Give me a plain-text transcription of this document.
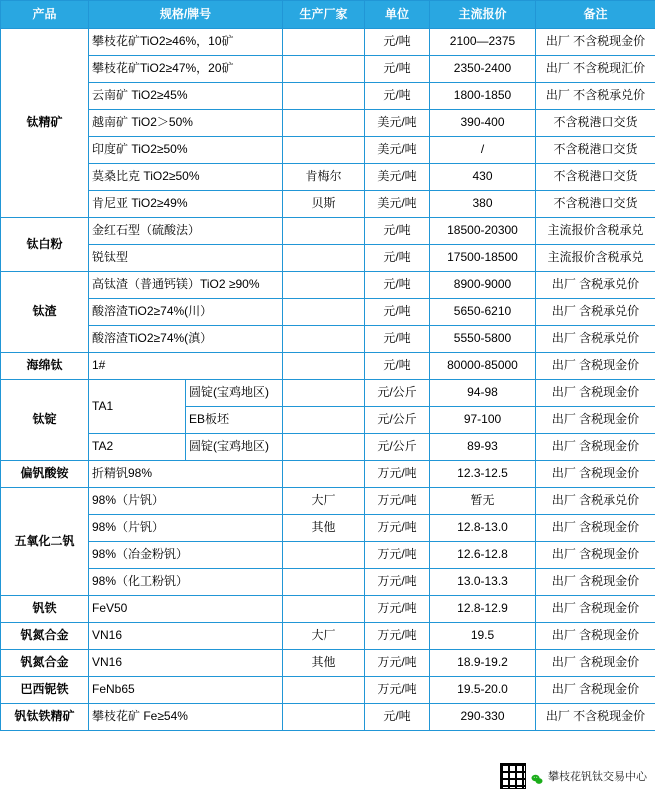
产品	规格/牌号		生产厂家	单位	主流报价	备注
钛精矿	攀枝花矿TiO2≥46%，10矿			元/吨	2100—2375	出厂 不含税现金价
	攀枝花矿TiO2≥47%，20矿			元/吨	2350-2400	出厂 不含税现汇价
	云南矿 TiO2≥45%			元/吨	1800-1850	出厂 不含税承兑价
	越南矿 TiO2＞50%			美元/吨	390-400	不含税港口交货
	印度矿 TiO2≥50%			美元/吨	/	不含税港口交货
	莫桑比克 TiO2≥50%		肯梅尔	美元/吨	430	不含税港口交货
	肯尼亚 TiO2≥49%		贝斯	美元/吨	380	不含税港口交货
钛白粉	金红石型（硫酸法）			元/吨	18500-20300	主流报价含税承兑
	锐钛型			元/吨	17500-18500	主流报价含税承兑
钛渣	高钛渣（普通钙镁）TiO2 ≥90%			元/吨	8900-9000	出厂 含税承兑价
	酸溶渣TiO2≥74%(川）			元/吨	5650-6210	出厂 含税承兑价
	酸溶渣TiO2≥74%(滇）			元/吨	5550-5800	出厂 含税承兑价
海绵钛	1#			元/吨	80000-85000	出厂 含税现金价
钛锭	TA1	圆锭(宝鸡地区)		元/公斤	94-98	出厂 含税现金价
		EB板坯		元/公斤	97-100	出厂 含税现金价
	TA2	圆锭(宝鸡地区)		元/公斤	89-93	出厂 含税现金价
偏钒酸铵	折精钒98%			万元/吨	12.3-12.5	出厂 含税现金价
五氧化二钒	98%（片钒）		大厂	万元/吨	暂无	出厂 含税承兑价
	98%（片钒）		其他	万元/吨	12.8-13.0	出厂 含税现金价
	98%（冶金粉钒）			万元/吨	12.6-12.8	出厂 含税现金价
	98%（化工粉钒）			万元/吨	13.0-13.3	出厂 含税现金价
钒铁	FeV50			万元/吨	12.8-12.9	出厂 含税现金价
钒氮合金	VN16		大厂	万元/吨	19.5	出厂 含税现金价
钒氮合金	VN16		其他	万元/吨	18.9-19.2	出厂 含税现金价
巴西铌铁	FeNb65			万元/吨	19.5-20.0	出厂 含税现金价
钒钛铁精矿	攀枝花矿 Fe≥54%			元/吨	290-330	出厂 不含税现金价
攀枝花钒钛交易中心
